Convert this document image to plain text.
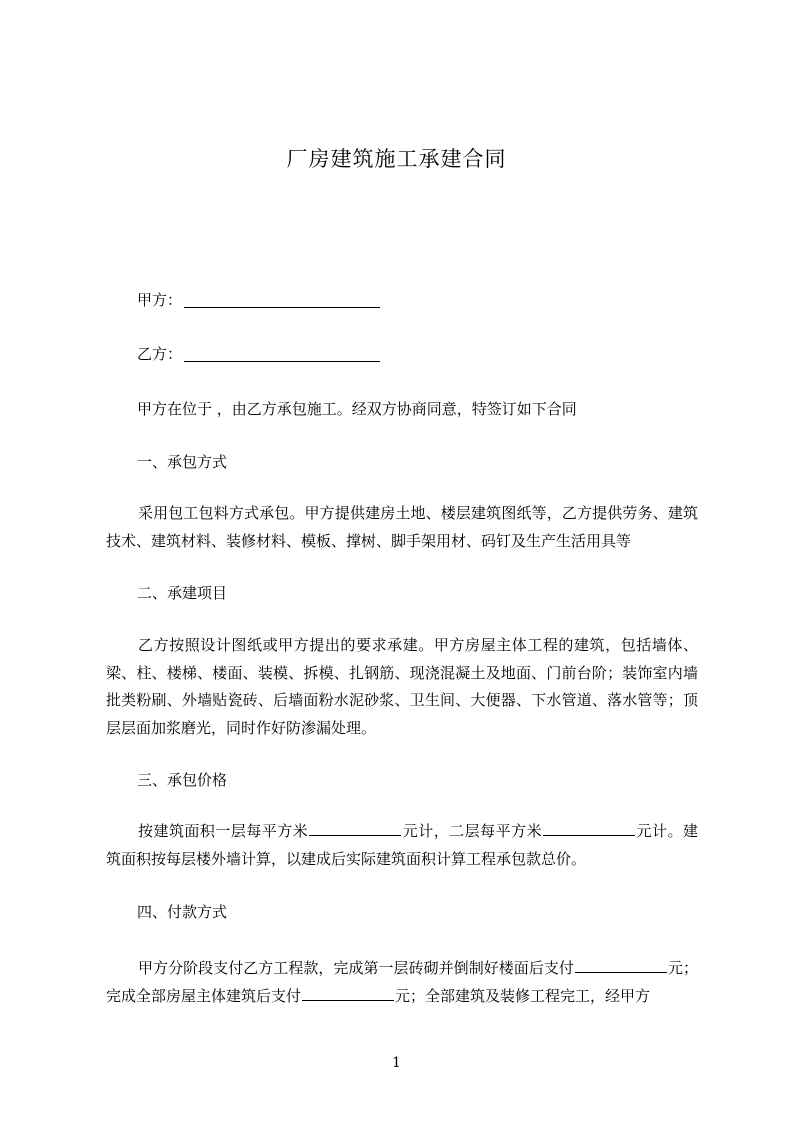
厂房建筑施工承建合同
甲方：
乙方：
甲方在位于 ，由乙方承包施工。经双方协商同意，特签订如下合同
一、承包方式
采用包工包料方式承包。甲方提供建房土地、楼层建筑图纸等，乙方提供劳务、建筑技术、建筑材料、装修材料、模板、撑树、脚手架用材、码钉及生产生活用具等
二、承建项目
乙方按照设计图纸或甲方提出的要求承建。甲方房屋主体工程的建筑，包括墙体、梁、柱、楼梯、楼面、装模、拆模、扎钢筋、现浇混凝土及地面、门前台阶；装饰室内墙批类粉刷、外墙贴瓷砖、后墙面粉水泥砂浆、卫生间、大便器、下水管道、落水管等；顶层层面加浆磨光，同时作好防渗漏处理。
三、承包价格
按建筑面积一层每平方米	元计，二层每平方米	元计。建筑面积按每层楼外墙计算，以建成后实际建筑面积计算工程承包款总价。
四、付款方式
甲方分阶段支付乙方工程款，完成第一层砖砌并倒制好楼面后支付	元；完成全部房屋主体建筑后支付	元；全部建筑及装修工程完工，经甲方
1
